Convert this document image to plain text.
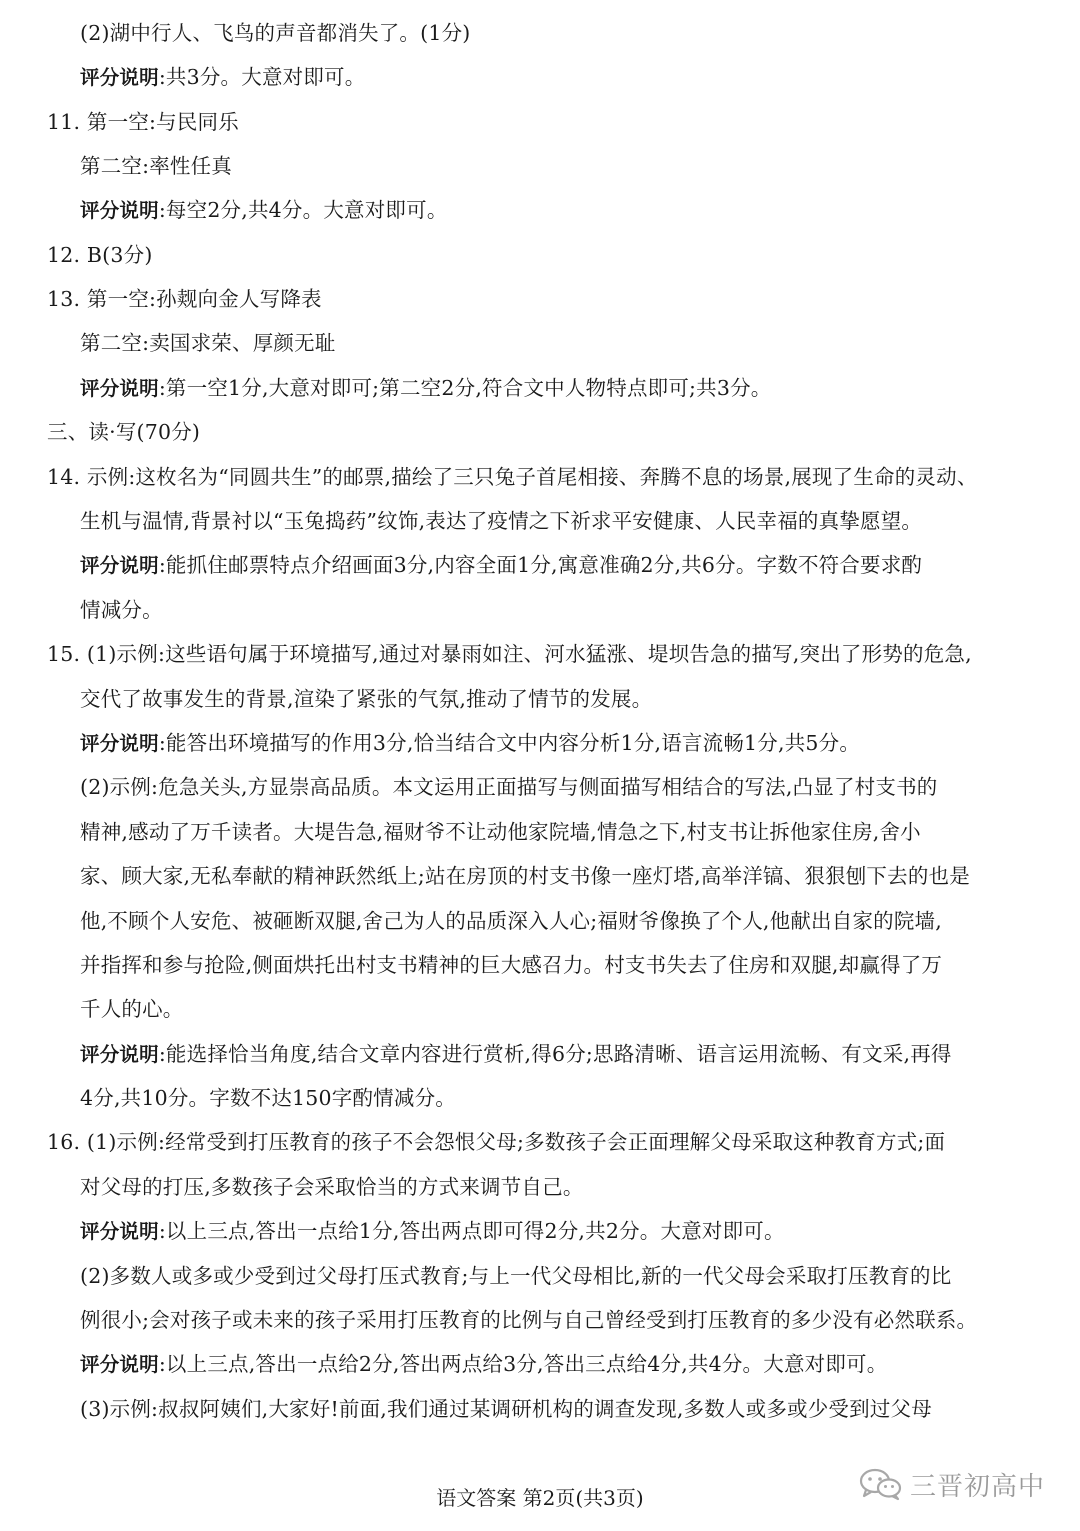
(2)湖中行人、飞鸟的声音都消失了。(1分)
评分说明:共3分。大意对即可。
11. 第一空:与民同乐
第二空:率性任真
评分说明:每空2分,共4分。大意对即可。
12. B(3分)
13. 第一空:孙觌向金人写降表
第二空:卖国求荣、厚颜无耻
评分说明:第一空1分,大意对即可;第二空2分,符合文中人物特点即可;共3分。
三、读·写(70分)
14. 示例:这枚名为“同圆共生”的邮票,描绘了三只兔子首尾相接、奔腾不息的场景,展现了生命的灵动、
生机与温情,背景衬以“玉兔捣药”纹饰,表达了疫情之下祈求平安健康、人民幸福的真挚愿望。
评分说明:能抓住邮票特点介绍画面3分,内容全面1分,寓意准确2分,共6分。字数不符合要求酌
情减分。
15. (1)示例:这些语句属于环境描写,通过对暴雨如注、河水猛涨、堤坝告急的描写,突出了形势的危急,
交代了故事发生的背景,渲染了紧张的气氛,推动了情节的发展。
评分说明:能答出环境描写的作用3分,恰当结合文中内容分析1分,语言流畅1分,共5分。
(2)示例:危急关头,方显崇高品质。本文运用正面描写与侧面描写相结合的写法,凸显了村支书的
精神,感动了万千读者。大堤告急,福财爷不让动他家院墙,情急之下,村支书让拆他家住房,舍小
家、顾大家,无私奉献的精神跃然纸上;站在房顶的村支书像一座灯塔,高举洋镐、狠狠刨下去的也是
他,不顾个人安危、被砸断双腿,舍己为人的品质深入人心;福财爷像换了个人,他献出自家的院墙,
并指挥和参与抢险,侧面烘托出村支书精神的巨大感召力。村支书失去了住房和双腿,却赢得了万
千人的心。
评分说明:能选择恰当角度,结合文章内容进行赏析,得6分;思路清晰、语言运用流畅、有文采,再得
4分,共10分。字数不达150字酌情减分。
16. (1)示例:经常受到打压教育的孩子不会怨恨父母;多数孩子会正面理解父母采取这种教育方式;面
对父母的打压,多数孩子会采取恰当的方式来调节自己。
评分说明:以上三点,答出一点给1分,答出两点即可得2分,共2分。大意对即可。
(2)多数人或多或少受到过父母打压式教育;与上一代父母相比,新的一代父母会采取打压教育的比
例很小;会对孩子或未来的孩子采用打压教育的比例与自己曾经受到打压教育的多少没有必然联系。
评分说明:以上三点,答出一点给2分,答出两点给3分,答出三点给4分,共4分。大意对即可。
(3)示例:叔叔阿姨们,大家好!前面,我们通过某调研机构的调查发现,多数人或多或少受到过父母
语文答案 第2页(共3页)	三晋初高中
